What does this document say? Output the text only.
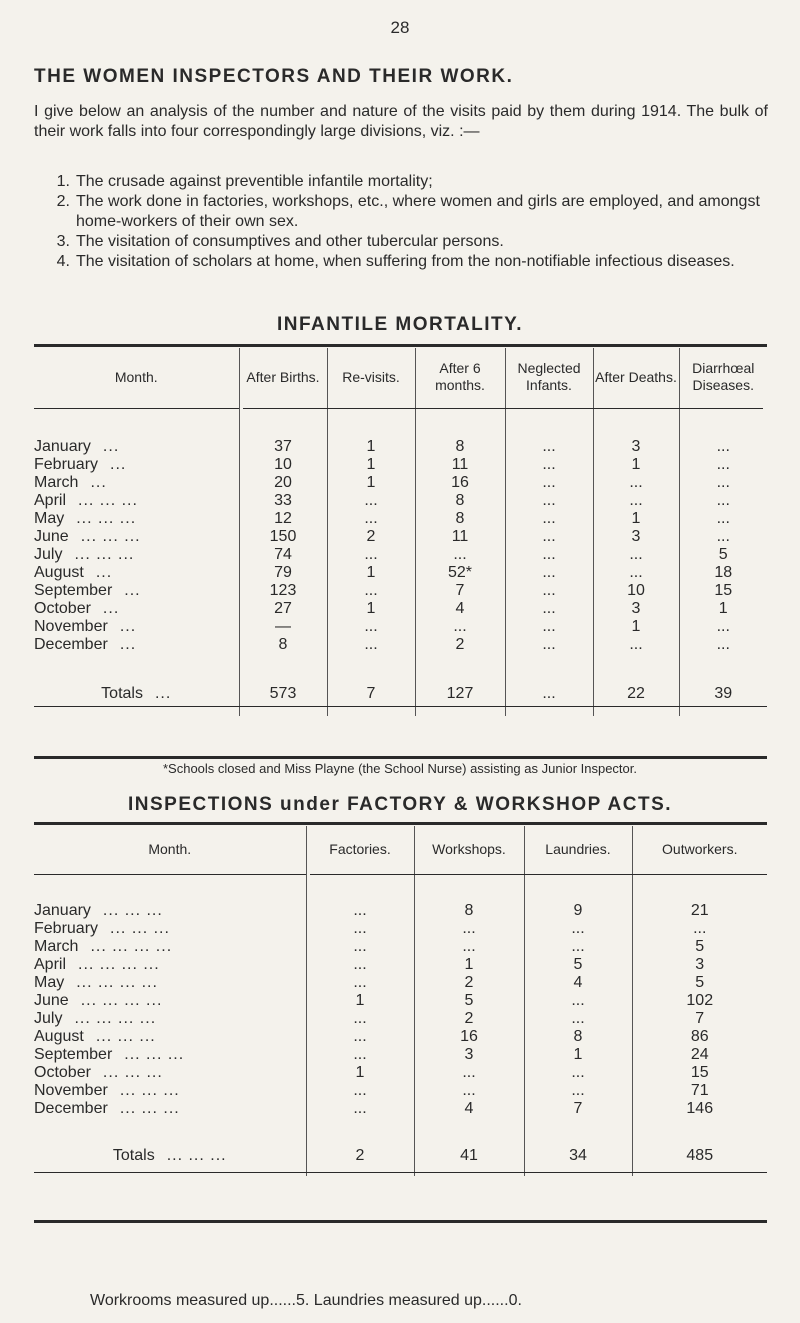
28
THE WOMEN INSPECTORS AND THEIR WORK.
I give below an analysis of the number and nature of the visits paid by them during 1914. The bulk of their work falls into four correspondingly large divisions, viz. :—
1. The crusade against preventible infantile mortality;
2. The work done in factories, workshops, etc., where women and girls are employed, and amongst home-workers of their own sex.
3. The visitation of consumptives and other tubercular persons.
4. The visitation of scholars at home, when suffering from the non-notifiable infectious diseases.
INFANTILE MORTALITY.
Month.	After Births.	Re-visits.	After 6 months.	Neglected Infants.	After Deaths.	Diarrhœal Diseases.

January ...	37	1	8	...	3	...
February ...	10	1	11	...	1	...
March ...	20	1	16	...	...	...
April ... ... ...	33	...	8	...	...	...
May ... ... ...	12	...	8	...	1	...
June ... ... ...	150	2	11	...	3	...
July ... ... ...	74	...	...	...	...	5
August ...	79	1	52*	...	...	18
September ...	123	...	7	...	10	15
October ...	27	1	4	...	3	1
November ...	—	...	...	...	1	...
December ...	8	...	2	...	...	...

Totals ...	573	7	127	...	22	39
*Schools closed and Miss Playne (the School Nurse) assisting as Junior Inspector.
INSPECTIONS under FACTORY & WORKSHOP ACTS.
Month.	Factories.	Workshops.	Laundries.	Outworkers.

January ... ... ...	...	8	9	21
February ... ... ...	...	...	...	...
March ... ... ... ...	...	...	...	5
April ... ... ... ...	...	1	5	3
May ... ... ... ...	...	2	4	5
June ... ... ... ...	1	5	...	102
July ... ... ... ...	...	2	...	7
August ... ... ...	...	16	8	86
September ... ... ...	...	3	1	24
October ... ... ...	1	...	...	15
November ... ... ...	...	...	...	71
December ... ... ...	...	4	7	146

Totals ... ... ...	2	41	34	485
Workrooms measured up......5. Laundries measured up......0.
